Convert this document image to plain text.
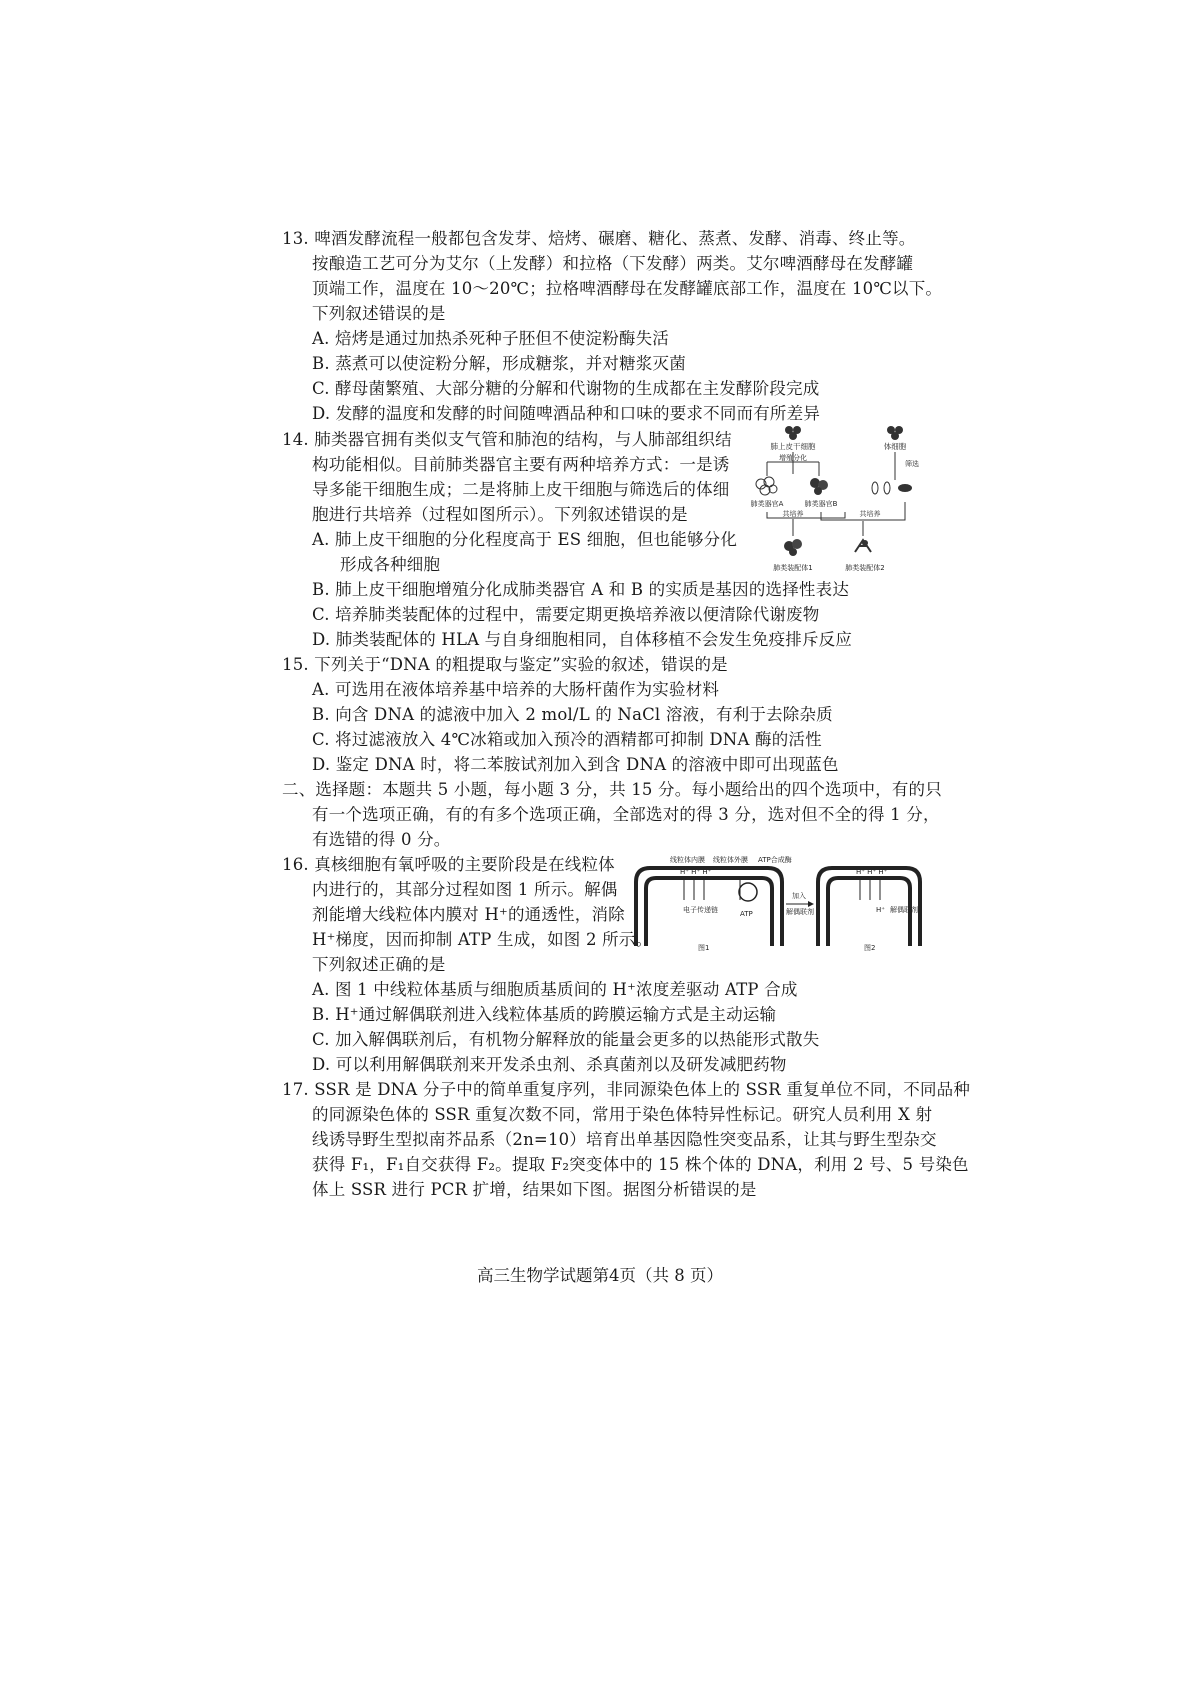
13. 啤酒发酵流程一般都包含发芽、焙烤、碾磨、糖化、蒸煮、发酵、消毒、终止等。
按酿造工艺可分为艾尔（上发酵）和拉格（下发酵）两类。艾尔啤酒酵母在发酵罐
顶端工作，温度在 10～20℃；拉格啤酒酵母在发酵罐底部工作，温度在 10℃以下。
下列叙述错误的是
A. 焙烤是通过加热杀死种子胚但不使淀粉酶失活
B. 蒸煮可以使淀粉分解，形成糖浆，并对糖浆灭菌
C. 酵母菌繁殖、大部分糖的分解和代谢物的生成都在主发酵阶段完成
D. 发酵的温度和发酵的时间随啤酒品种和口味的要求不同而有所差异
14. 肺类器官拥有类似支气管和肺泡的结构，与人肺部组织结
构功能相似。目前肺类器官主要有两种培养方式：一是诱
导多能干细胞生成；二是将肺上皮干细胞与筛选后的体细
胞进行共培养（过程如图所示）。下列叙述错误的是
A. 肺上皮干细胞的分化程度高于 ES 细胞，但也能够分化
形成各种细胞
B. 肺上皮干细胞增殖分化成肺类器官 A 和 B 的实质是基因的选择性表达
C. 培养肺类装配体的过程中，需要定期更换培养液以便清除代谢废物
D. 肺类装配体的 HLA 与自身细胞相同，自体移植不会发生免疫排斥反应
肺上皮干细胞
增殖分化
肺类器官A	肺类器官B
体细胞
筛选
共培养	共培养
肺类装配体1	肺类装配体2
15. 下列关于“DNA 的粗提取与鉴定”实验的叙述，错误的是
A. 可选用在液体培养基中培养的大肠杆菌作为实验材料
B. 向含 DNA 的滤液中加入 2 mol/L 的 NaCl 溶液，有利于去除杂质
C. 将过滤液放入 4℃冰箱或加入预冷的酒精都可抑制 DNA 酶的活性
D. 鉴定 DNA 时，将二苯胺试剂加入到含 DNA 的溶液中即可出现蓝色
二、选择题：本题共 5 小题，每小题 3 分，共 15 分。每小题给出的四个选项中，有的只
有一个选项正确，有的有多个选项正确，全部选对的得 3 分，选对但不全的得 1 分，
有选错的得 0 分。
16. 真核细胞有氧呼吸的主要阶段是在线粒体
内进行的，其部分过程如图 1 所示。解偶
剂能增大线粒体内膜对 H⁺的通透性，消除
H⁺梯度，因而抑制 ATP 生成，如图 2 所示。
下列叙述正确的是
A. 图 1 中线粒体基质与细胞质基质间的 H⁺浓度差驱动 ATP 合成
B. H⁺通过解偶联剂进入线粒体基质的跨膜运输方式是主动运输
C. 加入解偶联剂后，有机物分解释放的能量会更多的以热能形式散失
D. 可以利用解偶联剂来开发杀虫剂、杀真菌剂以及研发减肥药物
线粒体内膜 线粒体外膜 ATP合成酶
H⁺ H⁺ H⁺
电子传递链	ATP
图1
加入
解偶联剂
H⁺ H⁺ H⁺
H⁺ 解偶联剂
图2
17. SSR 是 DNA 分子中的简单重复序列，非同源染色体上的 SSR 重复单位不同，不同品种
的同源染色体的 SSR 重复次数不同，常用于染色体特异性标记。研究人员利用 X 射
线诱导野生型拟南芥品系（2n=10）培育出单基因隐性突变品系，让其与野生型杂交
获得 F₁，F₁自交获得 F₂。提取 F₂突变体中的 15 株个体的 DNA，利用 2 号、5 号染色
体上 SSR 进行 PCR 扩增，结果如下图。据图分析错误的是
高三生物学试题第4页（共 8 页）
